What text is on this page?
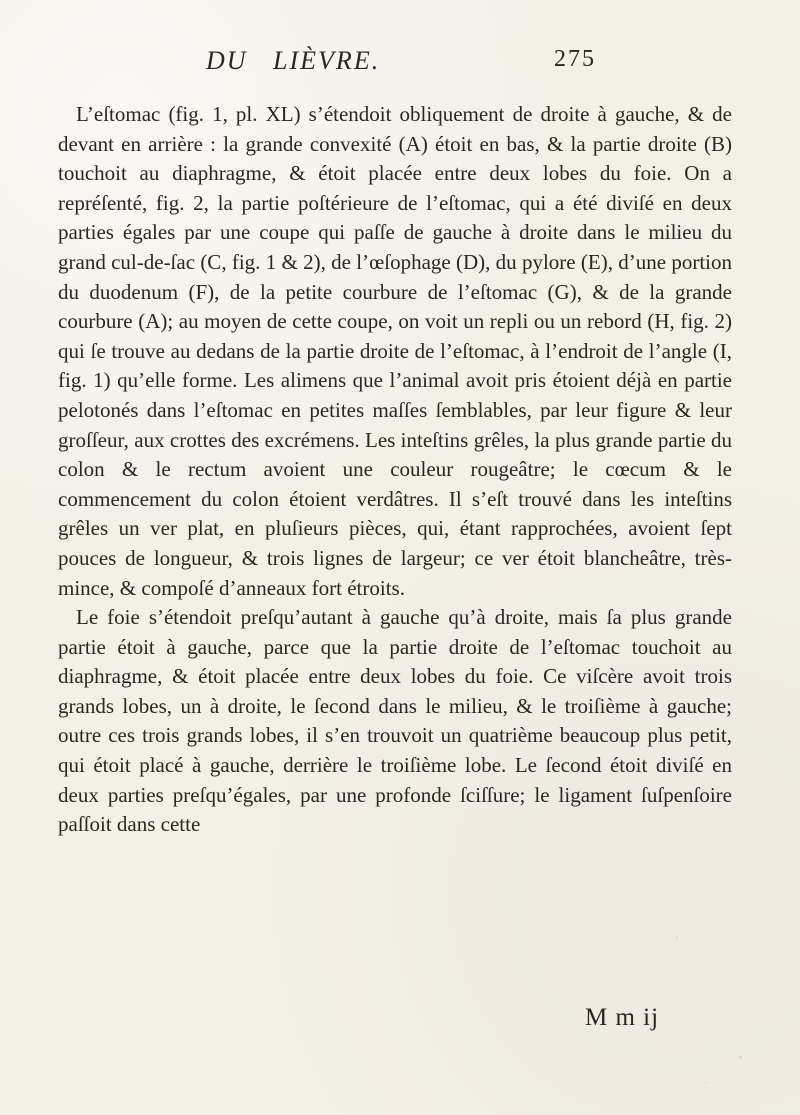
DU   LIÈVRE.	275

L’eſtomac (fig. 1, pl. XL) s’étendoit obliquement de droite à gauche, & de devant en arrière : la grande convexité (A) étoit en bas, & la partie droite (B) touchoit au diaphragme, & étoit placée entre deux lobes du foie. On a repréſenté, fig. 2, la partie poſtérieure de l’eſtomac, qui a été diviſé en deux parties égales par une coupe qui paſſe de gauche à droite dans le milieu du grand cul-de-ſac (C, fig. 1 & 2), de l’œſophage (D), du pylore (E), d’une portion du duodenum (F), de la petite courbure de l’eſtomac (G), & de la grande courbure (A); au moyen de cette coupe, on voit un repli ou un rebord (H, fig. 2) qui ſe trouve au dedans de la partie droite de l’eſtomac, à l’endroit de l’angle (I, fig. 1) qu’elle forme. Les alimens que l’animal avoit pris étoient déjà en partie pelotonés dans l’eſtomac en petites maſſes ſemblables, par leur figure & leur groſſeur, aux crottes des excrémens. Les inteſtins grêles, la plus grande partie du colon & le rectum avoient une couleur rougeâtre; le cœcum & le commencement du colon étoient verdâtres. Il s’eſt trouvé dans les inteſtins grêles un ver plat, en pluſieurs pièces, qui, étant rapprochées, avoient ſept pouces de longueur, & trois lignes de largeur; ce ver étoit blancheâtre, très-mince, & compoſé d’anneaux fort étroits.

Le foie s’étendoit preſqu’autant à gauche qu’à droite, mais ſa plus grande partie étoit à gauche, parce que la partie droite de l’eſtomac touchoit au diaphragme, & étoit placée entre deux lobes du foie. Ce viſcère avoit trois grands lobes, un à droite, le ſecond dans le milieu, & le troiſième à gauche; outre ces trois grands lobes, il s’en trouvoit un quatrième beaucoup plus petit, qui étoit placé à gauche, derrière le troiſième lobe. Le ſecond étoit diviſé en deux parties preſqu’égales, par une profonde ſciſſure; le ligament ſuſpenſoire paſſoit dans cette

M m ij
